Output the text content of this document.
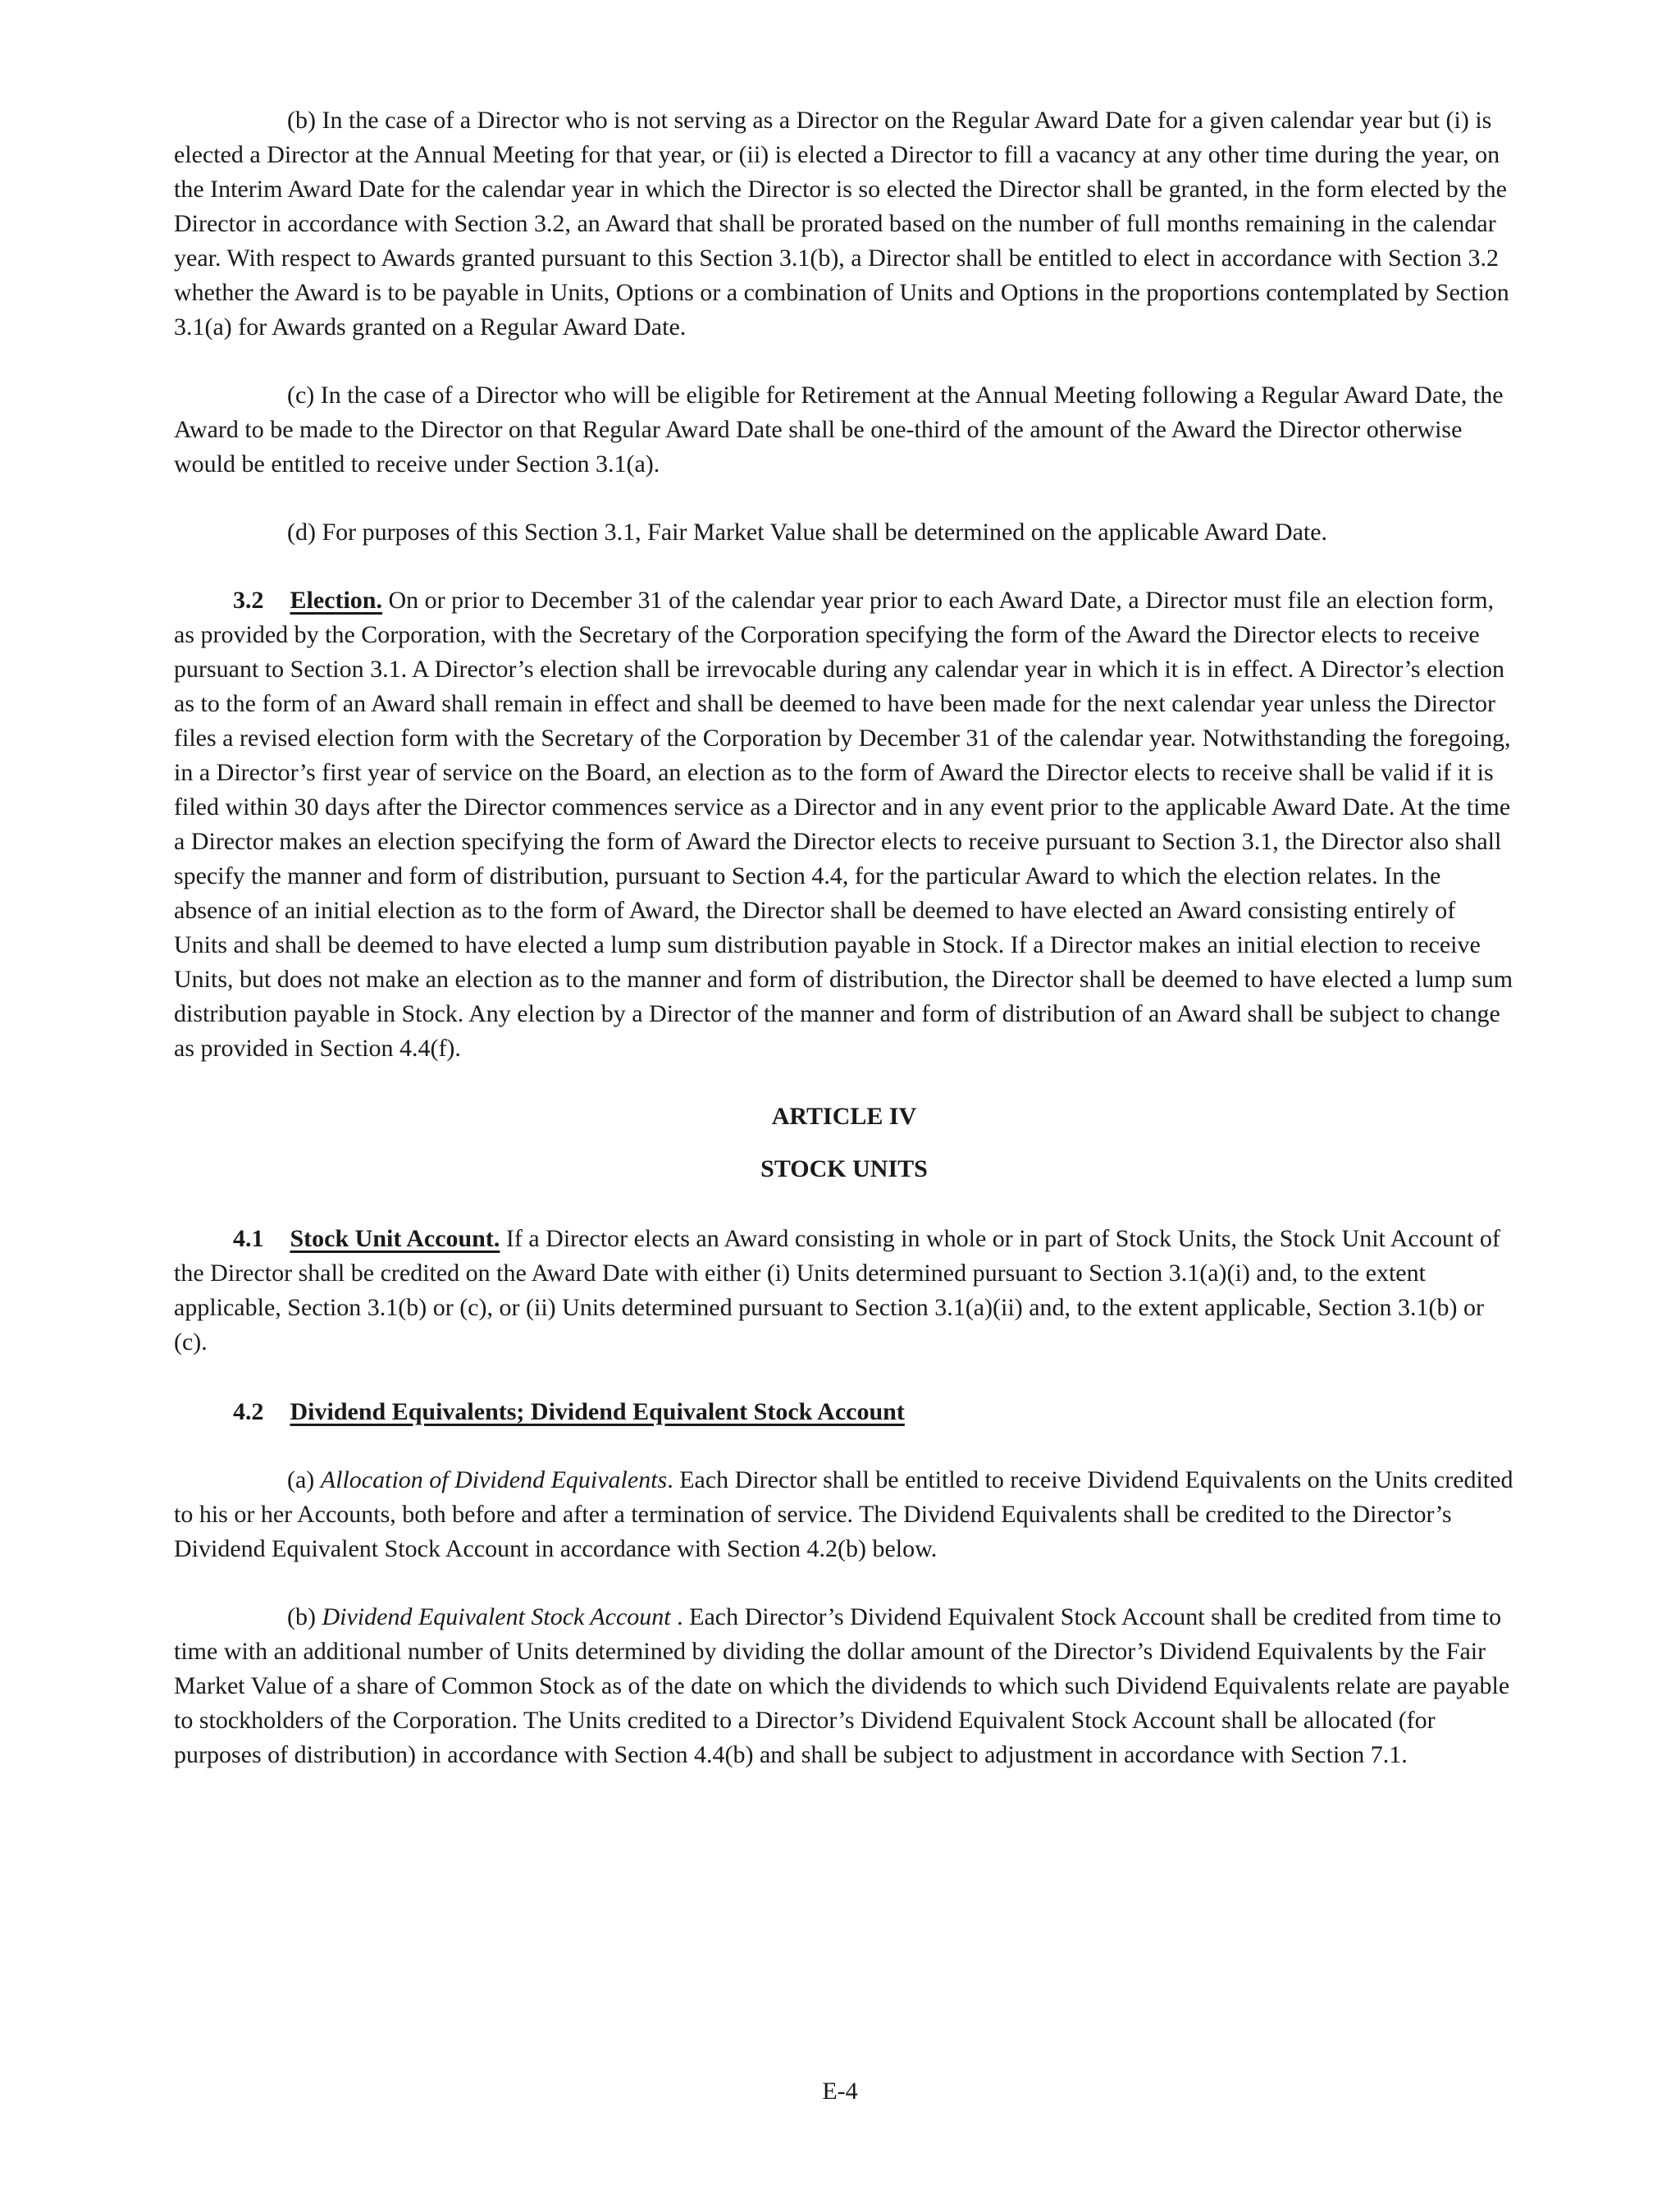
(b) In the case of a Director who is not serving as a Director on the Regular Award Date for a given calendar year but (i) is elected a Director at the Annual Meeting for that year, or (ii) is elected a Director to fill a vacancy at any other time during the year, on the Interim Award Date for the calendar year in which the Director is so elected the Director shall be granted, in the form elected by the Director in accordance with Section 3.2, an Award that shall be prorated based on the number of full months remaining in the calendar year. With respect to Awards granted pursuant to this Section 3.1(b), a Director shall be entitled to elect in accordance with Section 3.2 whether the Award is to be payable in Units, Options or a combination of Units and Options in the proportions contemplated by Section 3.1(a) for Awards granted on a Regular Award Date.

(c) In the case of a Director who will be eligible for Retirement at the Annual Meeting following a Regular Award Date, the Award to be made to the Director on that Regular Award Date shall be one-third of the amount of the Award the Director otherwise would be entitled to receive under Section 3.1(a).

(d) For purposes of this Section 3.1, Fair Market Value shall be determined on the applicable Award Date.

3.2 Election. On or prior to December 31 of the calendar year prior to each Award Date, a Director must file an election form, as provided by the Corporation, with the Secretary of the Corporation specifying the form of the Award the Director elects to receive pursuant to Section 3.1. A Director’s election shall be irrevocable during any calendar year in which it is in effect. A Director’s election as to the form of an Award shall remain in effect and shall be deemed to have been made for the next calendar year unless the Director files a revised election form with the Secretary of the Corporation by December 31 of the calendar year. Notwithstanding the foregoing, in a Director’s first year of service on the Board, an election as to the form of Award the Director elects to receive shall be valid if it is filed within 30 days after the Director commences service as a Director and in any event prior to the applicable Award Date. At the time a Director makes an election specifying the form of Award the Director elects to receive pursuant to Section 3.1, the Director also shall specify the manner and form of distribution, pursuant to Section 4.4, for the particular Award to which the election relates. In the absence of an initial election as to the form of Award, the Director shall be deemed to have elected an Award consisting entirely of Units and shall be deemed to have elected a lump sum distribution payable in Stock. If a Director makes an initial election to receive Units, but does not make an election as to the manner and form of distribution, the Director shall be deemed to have elected a lump sum distribution payable in Stock. Any election by a Director of the manner and form of distribution of an Award shall be subject to change as provided in Section 4.4(f).

ARTICLE IV

STOCK UNITS

4.1 Stock Unit Account. If a Director elects an Award consisting in whole or in part of Stock Units, the Stock Unit Account of the Director shall be credited on the Award Date with either (i) Units determined pursuant to Section 3.1(a)(i) and, to the extent applicable, Section 3.1(b) or (c), or (ii) Units determined pursuant to Section 3.1(a)(ii) and, to the extent applicable, Section 3.1(b) or (c).

4.2 Dividend Equivalents; Dividend Equivalent Stock Account

(a) Allocation of Dividend Equivalents. Each Director shall be entitled to receive Dividend Equivalents on the Units credited to his or her Accounts, both before and after a termination of service. The Dividend Equivalents shall be credited to the Director’s Dividend Equivalent Stock Account in accordance with Section 4.2(b) below.

(b) Dividend Equivalent Stock Account . Each Director’s Dividend Equivalent Stock Account shall be credited from time to time with an additional number of Units determined by dividing the dollar amount of the Director’s Dividend Equivalents by the Fair Market Value of a share of Common Stock as of the date on which the dividends to which such Dividend Equivalents relate are payable to stockholders of the Corporation. The Units credited to a Director’s Dividend Equivalent Stock Account shall be allocated (for purposes of distribution) in accordance with Section 4.4(b) and shall be subject to adjustment in accordance with Section 7.1.

E-4
